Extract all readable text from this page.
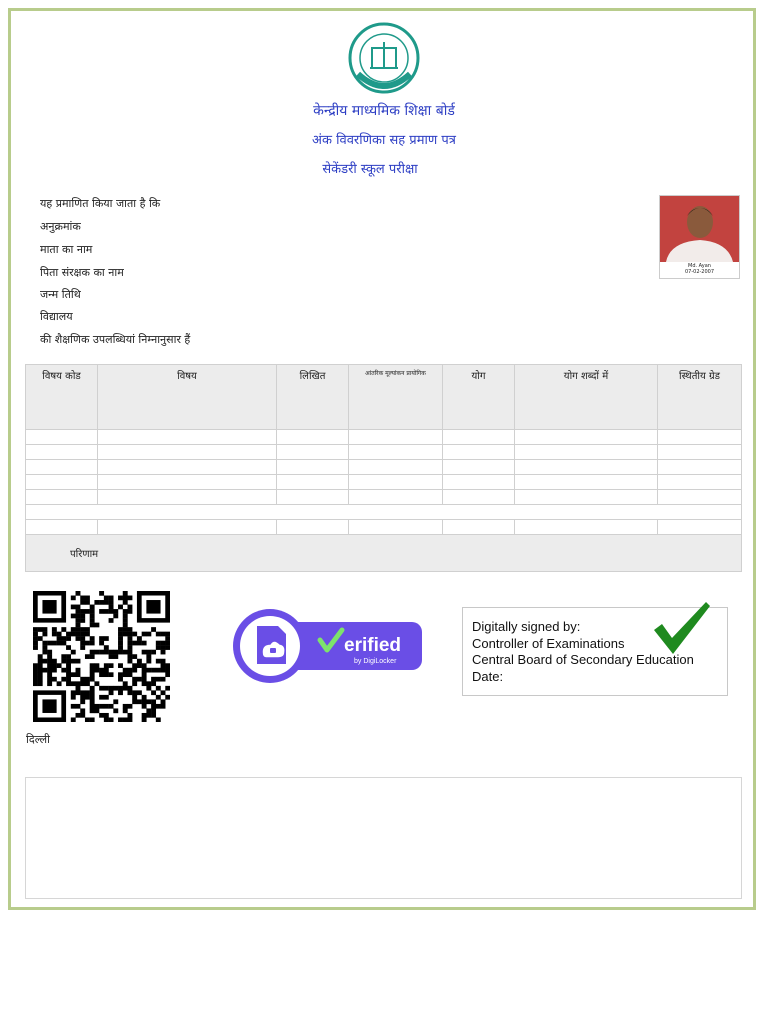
केन्द्रीय माध्यमिक शिक्षा बोर्ड
अंक विवरणिका सह प्रमाण पत्र
सेकेंडरी स्कूल परीक्षा
यह प्रमाणित किया जाता है कि
अनुक्रमांक
माता का नाम
पिता संरक्षक का नाम
जन्म तिथि
विद्यालय
की शैक्षणिक उपलब्धियां निम्नानुसार हैं
Md. Ayan
07-02-2007
विषय कोड	विषय	लिखित	आंतरिक मूल्यांकन प्रायोगिक	योग	योग शब्दों में	स्थितीय ग्रेड

परिणाम						
erified
by DigiLocker
Digitally signed by:
Controller of Examinations
Central Board of Secondary Education
Date:
दिल्ली
